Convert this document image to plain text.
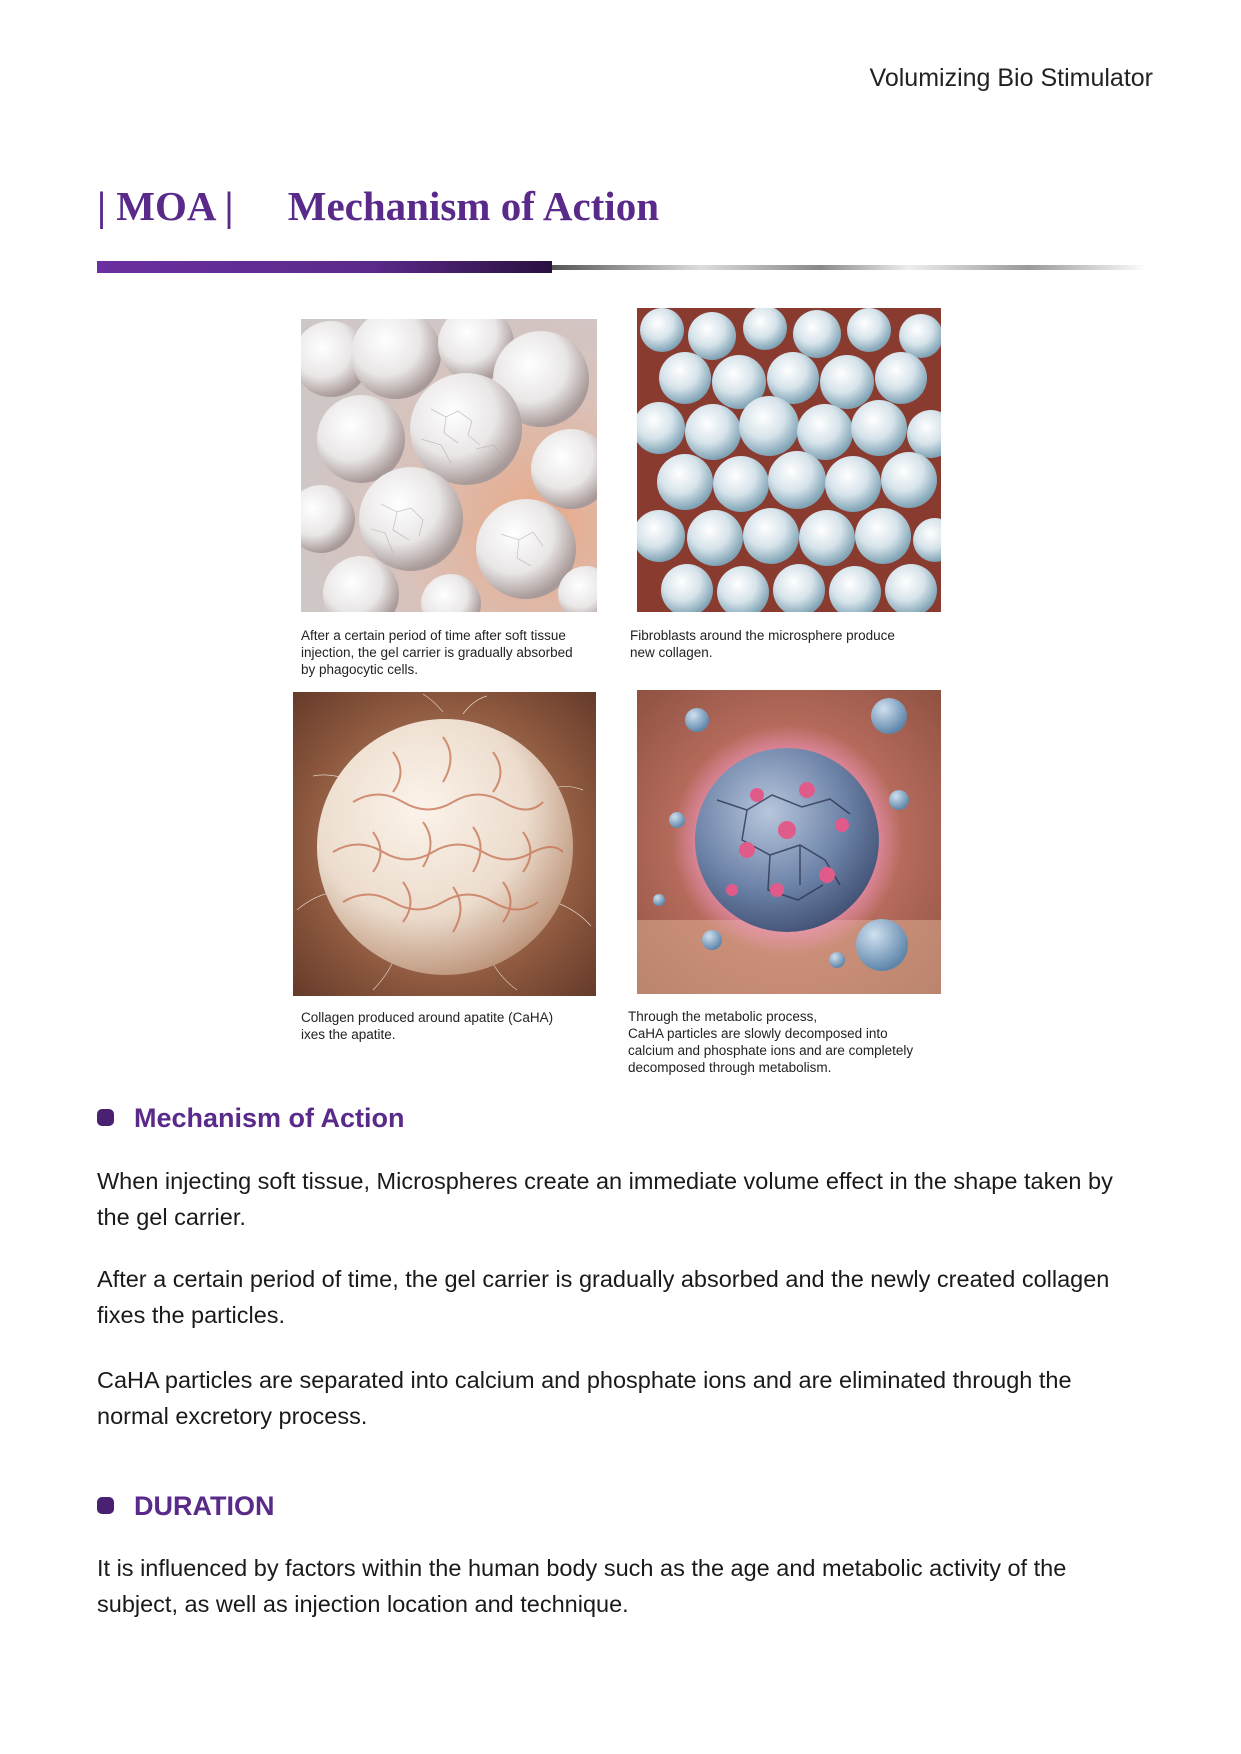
Volumizing Bio Stimulator
| MOA | Mechanism of Action
After a certain period of time after soft tissue
injection, the gel carrier is gradually absorbed
by phagocytic cells.
Fibroblasts around the microsphere produce
new collagen.
Collagen produced around apatite (CaHA)
ixes the apatite.
Through the metabolic process,
CaHA particles are slowly decomposed into
calcium and phosphate ions and are completely
decomposed through metabolism.
Mechanism of Action
When injecting soft tissue, Microspheres create an immediate volume effect in the shape taken by the gel carrier.
After a certain period of time, the gel carrier is gradually absorbed and the newly created collagen fixes the particles.
CaHA particles are separated into calcium and phosphate ions and are eliminated through the normal excretory process.
DURATION
It is influenced by factors within the human body such as the age and metabolic activity of the subject, as well as injection location and technique.
